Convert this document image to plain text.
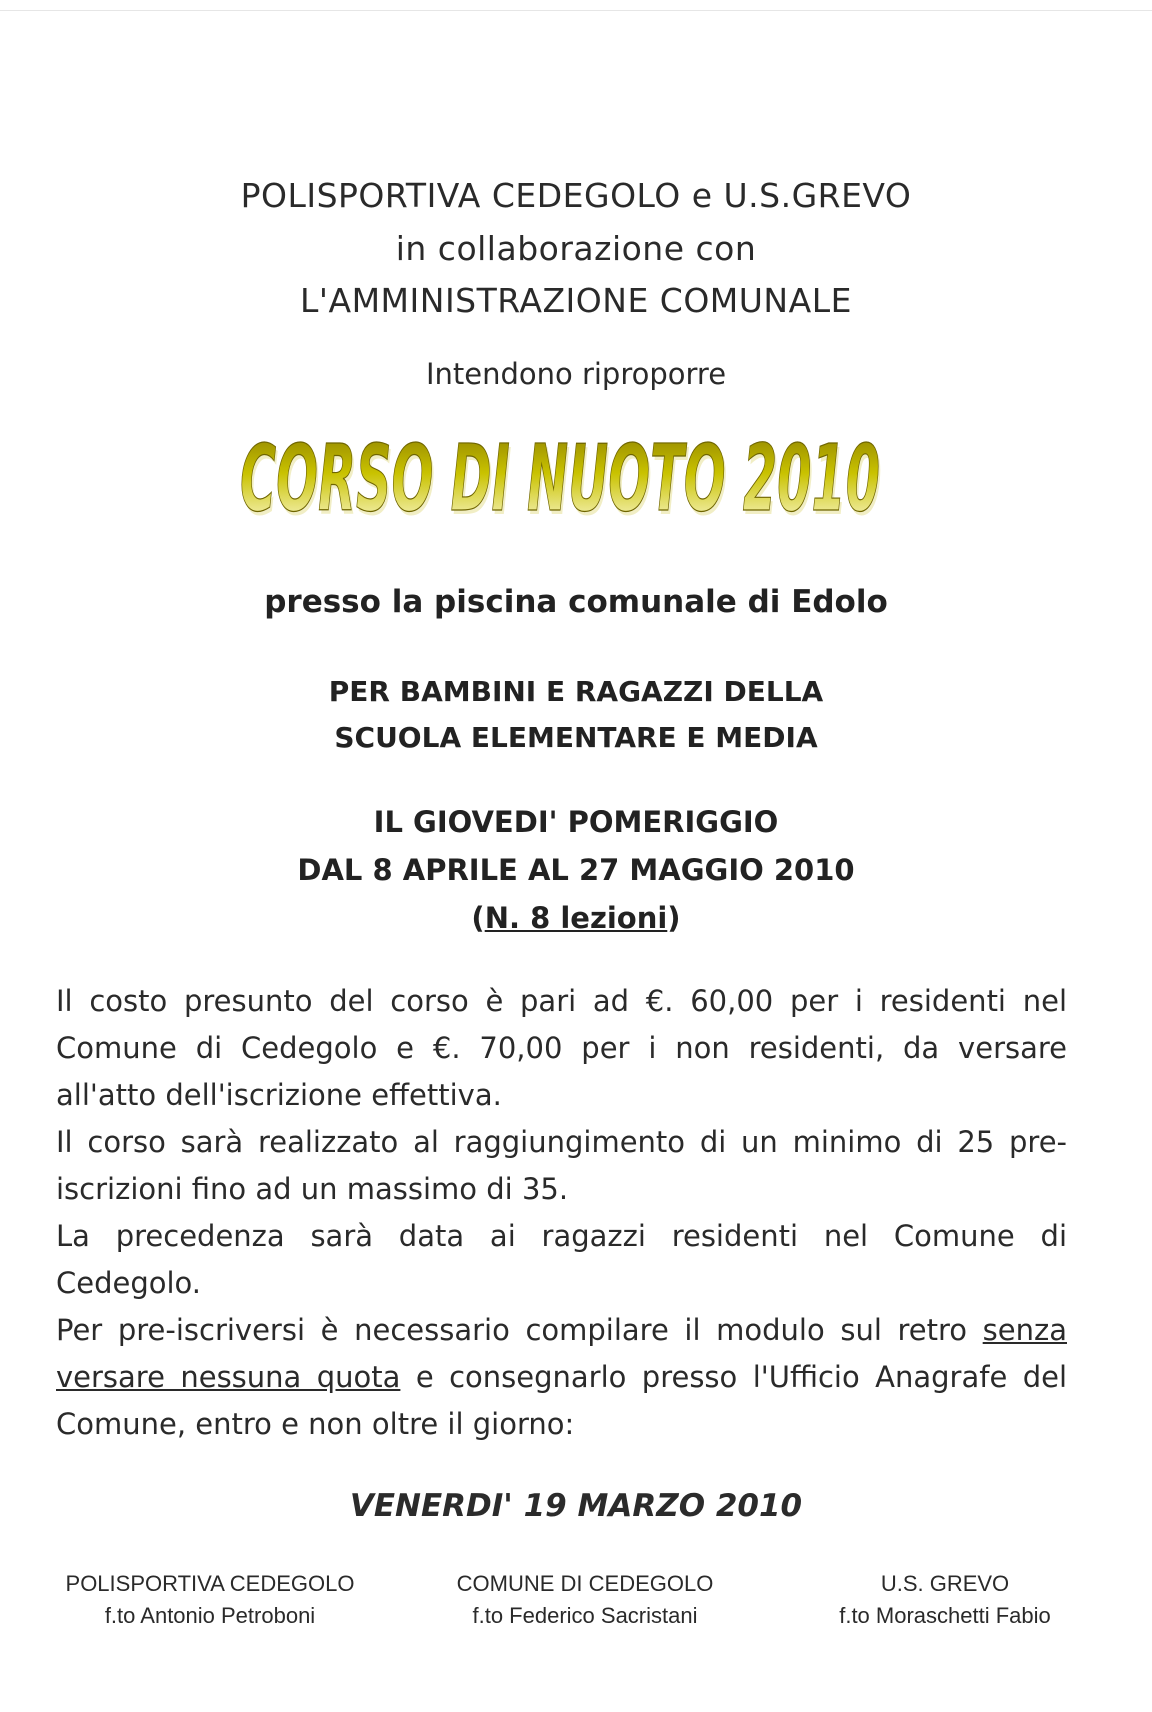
POLISPORTIVA CEDEGOLO e U.S.GREVO
in collaborazione con
L'AMMINISTRAZIONE COMUNALE
Intendono riproporre
CORSO DI NUOTO 2010
CORSO DI NUOTO 2010
presso la piscina comunale di Edolo
PER BAMBINI E RAGAZZI DELLA
SCUOLA ELEMENTARE E MEDIA
IL GIOVEDI' POMERIGGIO
DAL 8 APRILE AL 27 MAGGIO 2010
(N. 8 lezioni)

Il costo presunto del corso è pari ad €. 60,00 per i residenti nel Comune di Cedegolo e €. 70,00 per i non residenti, da versare all'atto dell'iscrizione effettiva.

Il corso sarà realizzato al raggiungimento di un minimo di 25 pre-iscrizioni fino ad un massimo di 35.

La precedenza sarà data ai ragazzi residenti nel Comune di Cedegolo.

Per pre-iscriversi è necessario compilare il modulo sul retro senza versare nessuna quota e consegnarlo presso l'Ufficio Anagrafe del Comune, entro e non oltre il giorno:

VENERDI' 19 MARZO 2010
POLISPORTIVA CEDEGOLO
f.to Antonio Petroboni
COMUNE DI CEDEGOLO
f.to Federico Sacristani
U.S. GREVO
f.to Moraschetti Fabio
